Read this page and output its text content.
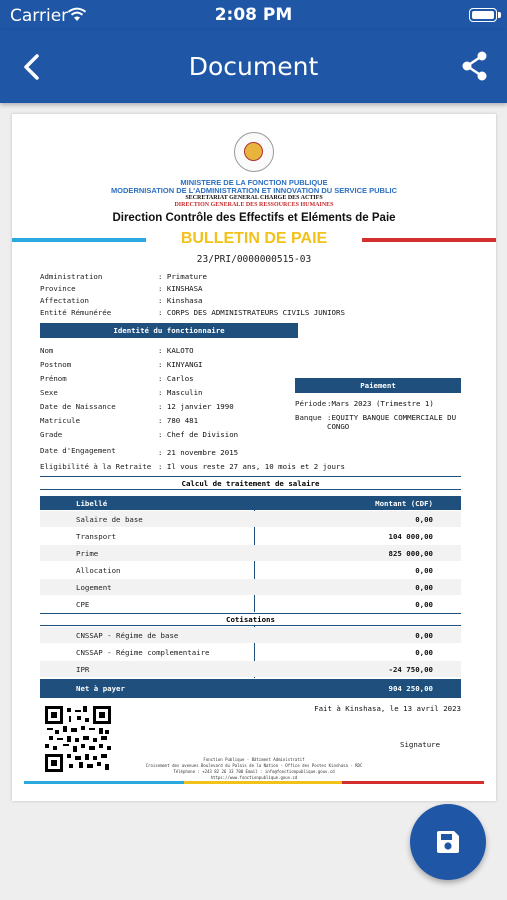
Carrier	2:08 PM
Document
MINISTERE DE LA FONCTION PUBLIQUE
MODERNISATION DE L'ADMINISTRATION ET INNOVATION DU SERVICE PUBLIC
SECRETARIAT GENERAL CHARGE DES ACTIFS
DIRECTION GENERALE DES RESSOURCES HUMAINES
Direction Contrôle des Effectifs et Eléments de Paie
BULLETIN DE PAIE
23/PRI/0000000515-03
Administration	: Primature
Province	: KINSHASA
Affectation	: Kinshasa
Entité Rémunérée	: CORPS DES ADMINISTRATEURS CIVILS JUNIORS
Identité du fonctionnaire
Nom	: KALOTO
Postnom	: KINYANGI
Prénom	: Carlos
Sexe	: Masculin
Date de Naissance	: 12 janvier 1990
Matricule	: 780 481
Grade	: Chef de Division
Date d'Engagement	: 21 novembre 2015
Eligibilité à la Retraite : Il vous reste 27 ans, 10 mois et 2 jours
Paiement
Période :Mars 2023 (Trimestre 1)
Banque :EQUITY BANQUE COMMERCIALE DU CONGO
Calcul de traitement de salaire
Libellé	Montant (CDF)
Salaire de base	0,00
Transport	104 000,00
Prime	825 000,00
Allocation	0,00
Logement	0,00
CPE	0,00
Cotisations
CNSSAP - Régime de base	0,00
CNSSAP - Régime complementaire	0,00
IPR	-24 750,00
Net à payer	904 250,00
Fait à Kinshasa, le 13 avril 2023
Signature
Fonction Publique - Bâtiment Administratif
Croisement des avenues Boulevard du Palais de la Nation - Office des Postes Kinshasa - RDC
Téléphone : +243 82 26 33 700 Email : info@fonctionpublique.gouv.cd
https://www.fonctionpublique.gouv.cd
